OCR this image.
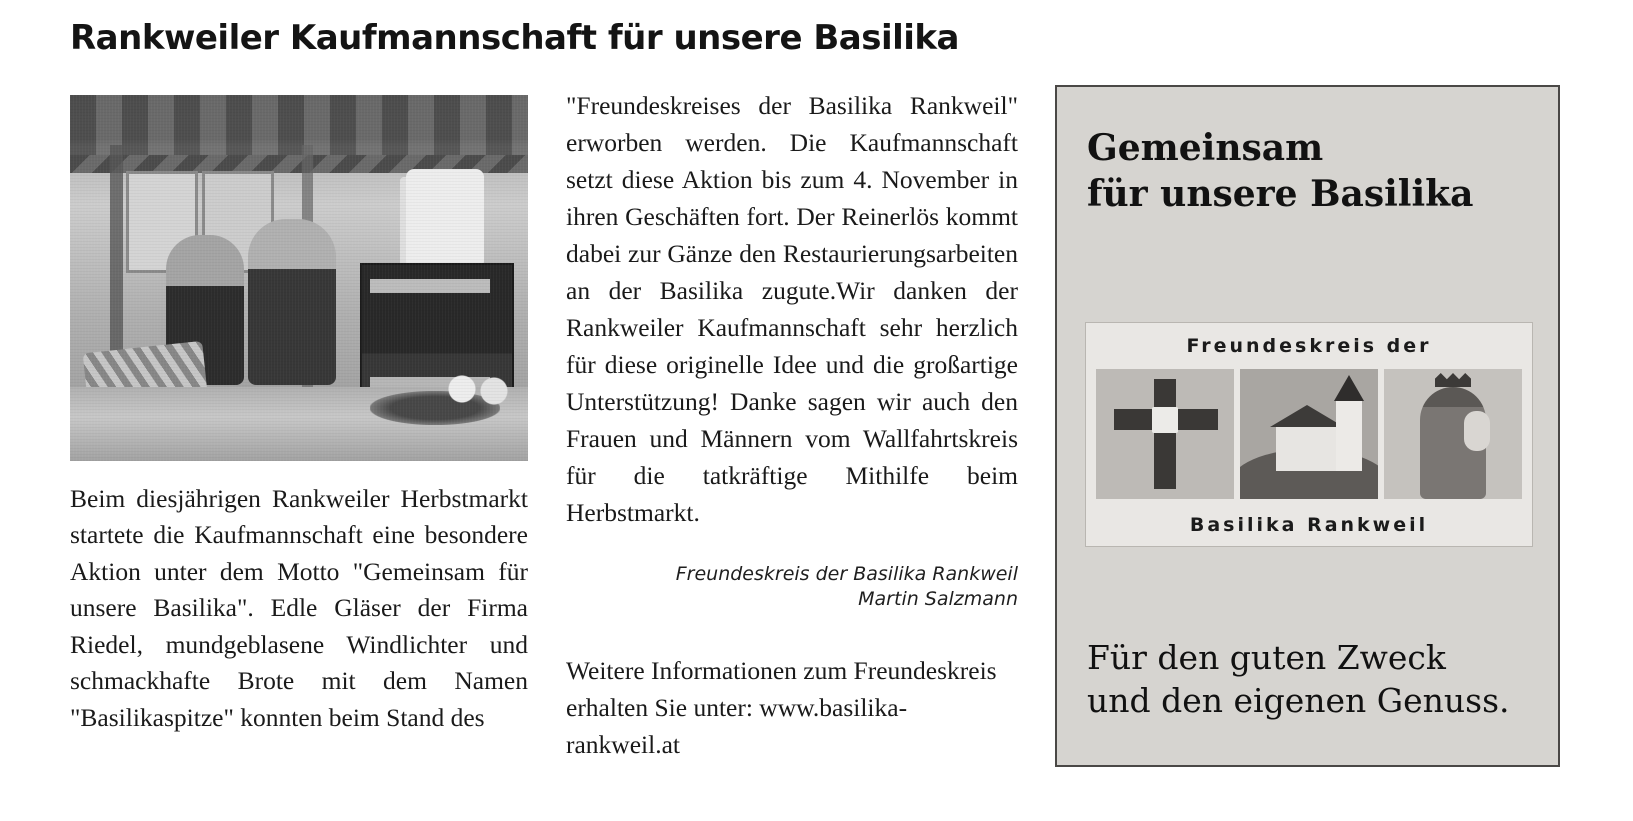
Rankweiler Kaufmannschaft für unsere Basilika

Beim diesjährigen Rankweiler Herbstmarkt startete die Kaufmannschaft eine besondere Aktion unter dem Motto "Gemeinsam für unsere Basilika". Edle Gläser der Firma Riedel, mundgeblasene Windlichter und schmackhafte Brote mit dem Namen "Basilikaspitze" konnten beim Stand des

"Freundeskreises der Basilika Rankweil" erworben werden. Die Kaufmannschaft setzt diese Aktion bis zum 4. November in ihren Geschäften fort. Der Reinerlös kommt dabei zur Gänze den Restaurierungsarbeiten an der Basilika zugute.Wir danken der Rankweiler Kaufmannschaft sehr herzlich für diese originelle Idee und die großartige Unterstützung! Danke sagen wir auch den Frauen und Männern vom Wallfahrtskreis für die tatkräftige Mithilfe beim Herbstmarkt.

Freundeskreis der Basilika Rankweil
Martin Salzmann

Weitere Informationen zum Freundeskreis erhalten Sie unter: www.basilika-rankweil.at

Gemeinsam
für unsere Basilika
Freundeskreis der
Basilika Rankweil
Für den guten Zweck
und den eigenen Genuss.
